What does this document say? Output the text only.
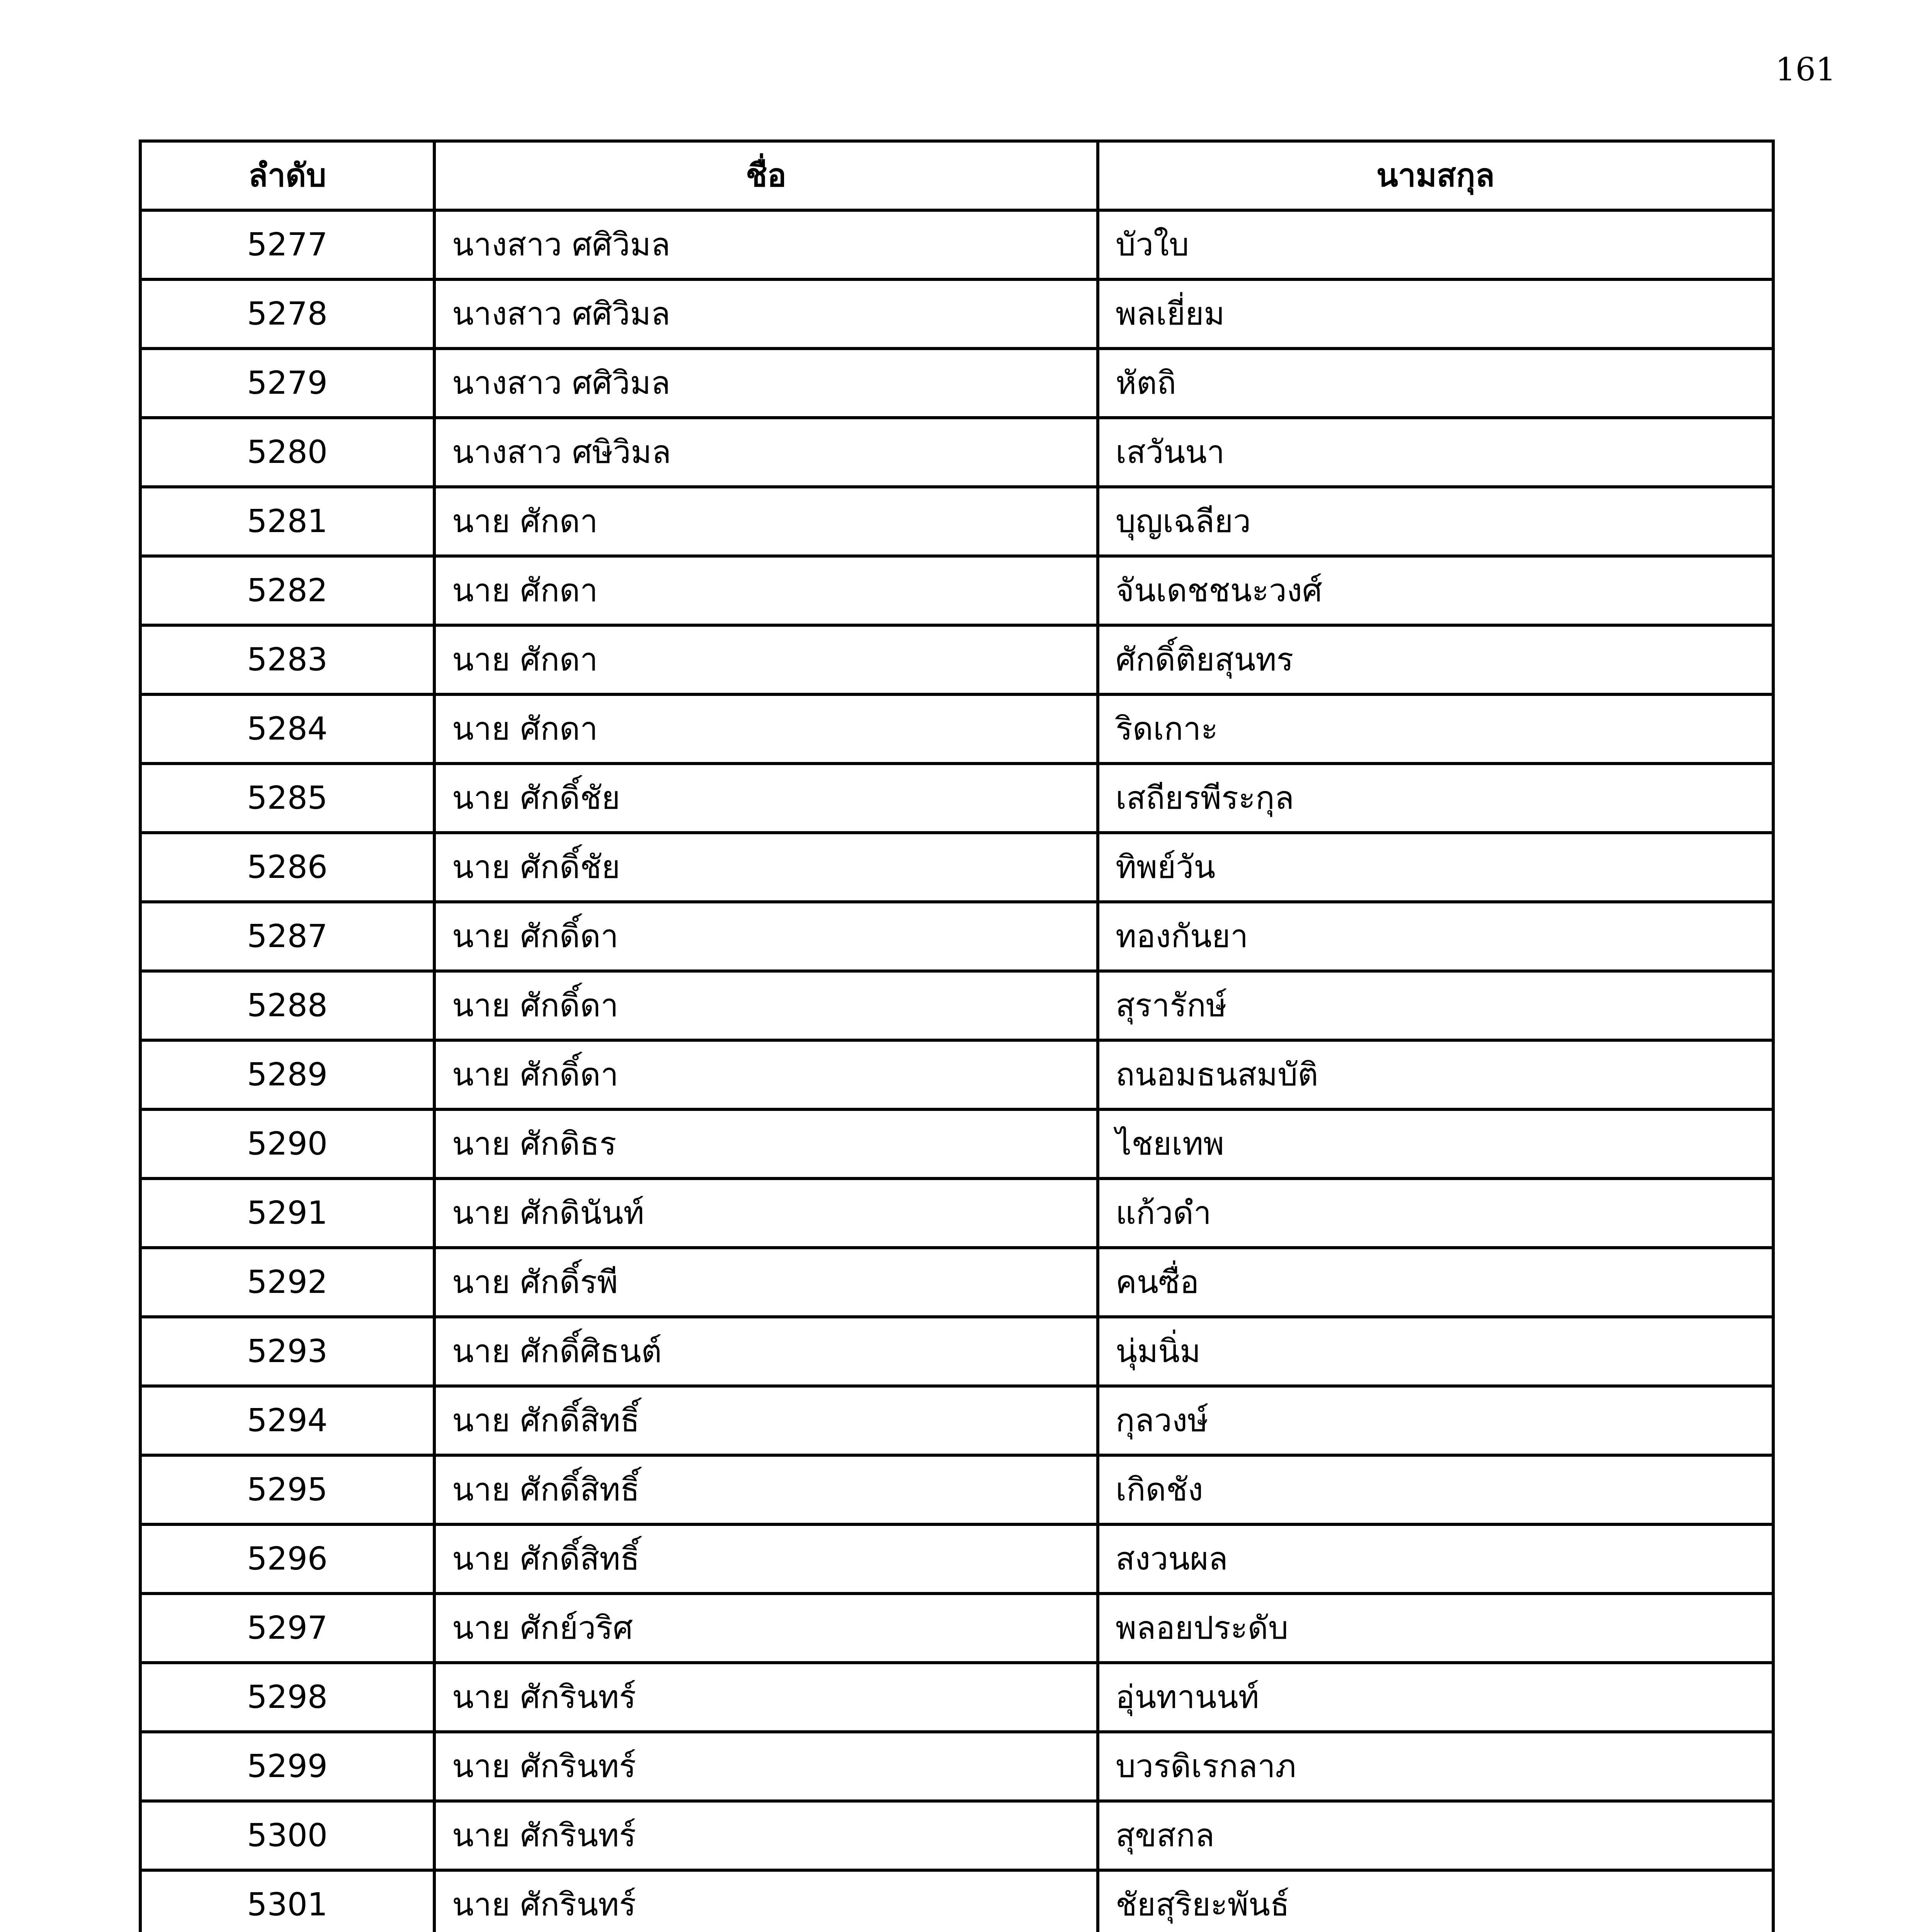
161
ลำดับ	ชื่อ	นามสกุล
5277	นางสาว ศศิวิมล	บัวใบ
5278	นางสาว ศศิวิมล	พลเยี่ยม
5279	นางสาว ศศิวิมล	หัตถิ
5280	นางสาว ศษิวิมล	เสวันนา
5281	นาย ศักดา	บุญเฉลียว
5282	นาย ศักดา	จันเดชชนะวงศ์
5283	นาย ศักดา	ศักดิ์ติยสุนทร
5284	นาย ศักดา	ริดเกาะ
5285	นาย ศักดิ์ชัย	เสถียรพีระกุล
5286	นาย ศักดิ์ชัย	ทิพย์วัน
5287	นาย ศักดิ์ดา	ทองกันยา
5288	นาย ศักดิ์ดา	สุรารักษ์
5289	นาย ศักดิ์ดา	ถนอมธนสมบัติ
5290	นาย ศักดิธร	ไชยเทพ
5291	นาย ศักดินันท์	แก้วดำ
5292	นาย ศักดิ์รพี	คนซื่อ
5293	นาย ศักดิ์ศิธนต์	นุ่มนิ่ม
5294	นาย ศักดิ์สิทธิ์	กุลวงษ์
5295	นาย ศักดิ์สิทธิ์	เกิดชัง
5296	นาย ศักดิ์สิทธิ์	สงวนผล
5297	นาย ศักย์วริศ	พลอยประดับ
5298	นาย ศักรินทร์	อุ่นทานนท์
5299	นาย ศักรินทร์	บวรดิเรกลาภ
5300	นาย ศักรินทร์	สุขสกล
5301	นาย ศักรินทร์	ชัยสุริยะพันธ์
